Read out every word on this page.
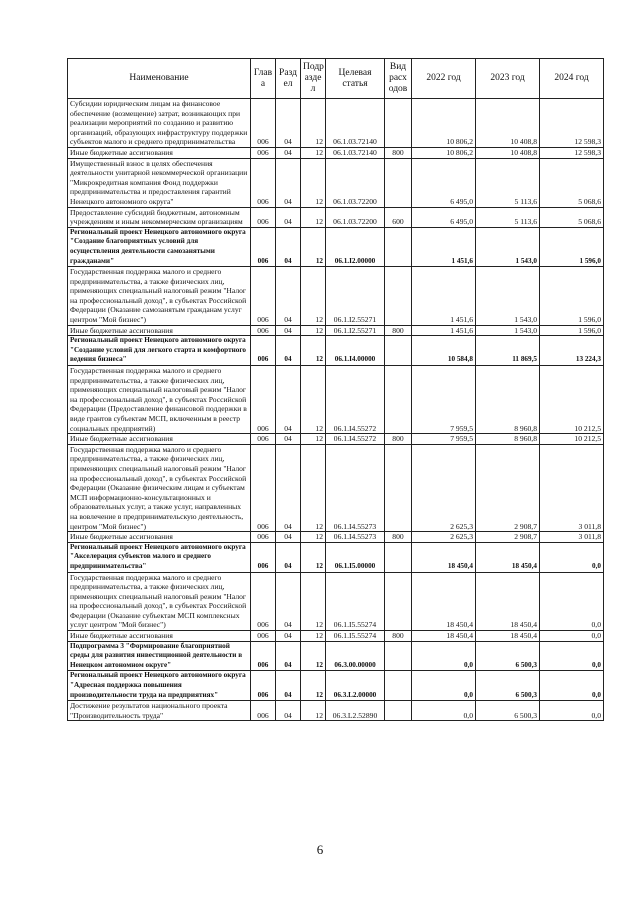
Наименование	Глав а	Разд ел	Подр азде л	Целевая статья	Вид расх одов	2022 год	2023 год	2024 год
Субсидии юридическим лицам на финансовое обеспечение (возмещение) затрат, возникающих при реализации мероприятий по созданию и развитию организаций, образующих инфраструктуру поддержки субъектов малого и среднего предпринимательства	006	04	12	06.1.03.72140		10 806,2	10 408,8	12 598,3
Иные бюджетные ассигнования	006	04	12	06.1.03.72140	800	10 806,2	10 408,8	12 598,3
Имущественный взнос в целях обеспечения деятельности унитарной некоммерческой организации "Микрокредитная компания Фонд поддержки предпринимательства и предоставления гарантий Ненецкого автономного округа"	006	04	12	06.1.03.72200		6 495,0	5 113,6	5 068,6
Предоставление субсидий бюджетным, автономным учреждениям и иным некоммерческим организациям	006	04	12	06.1.03.72200	600	6 495,0	5 113,6	5 068,6
Региональный проект Ненецкого автономного округа "Создание благоприятных условий для осуществления деятельности самозанятыми гражданами"	006	04	12	06.1.I2.00000		1 451,6	1 543,0	1 596,0
Государственная поддержка малого и среднего предпринимательства, а также физических лиц, применяющих специальный налоговый режим "Налог на профессиональный доход", в субъектах Российской Федерации (Оказание самозанятым гражданам услуг центром "Мой бизнес")	006	04	12	06.1.I2.55271		1 451,6	1 543,0	1 596,0
Иные бюджетные ассигнования	006	04	12	06.1.I2.55271	800	1 451,6	1 543,0	1 596,0
Региональный проект Ненецкого автономного округа "Создание условий для легкого старта и комфортного ведения бизнеса"	006	04	12	06.1.I4.00000		10 584,8	11 869,5	13 224,3
Государственная поддержка малого и среднего предпринимательства, а также физических лиц, применяющих специальный налоговый режим "Налог на профессиональный доход", в субъектах Российской Федерации (Предоставление финансовой поддержки в виде грантов субъектам МСП, включенным в реестр социальных предприятий)	006	04	12	06.1.I4.55272		7 959,5	8 960,8	10 212,5
Иные бюджетные ассигнования	006	04	12	06.1.I4.55272	800	7 959,5	8 960,8	10 212,5
Государственная поддержка малого и среднего предпринимательства, а также физических лиц, применяющих специальный налоговый режим "Налог на профессиональный доход", в субъектах Российской Федерации (Оказание физическим лицам и субъектам МСП информационно-консультационных и образовательных услуг, а также услуг, направленных на вовлечение в предпринимательскую деятельность, центром "Мой бизнес")	006	04	12	06.1.I4.55273		2 625,3	2 908,7	3 011,8
Иные бюджетные ассигнования	006	04	12	06.1.I4.55273	800	2 625,3	2 908,7	3 011,8
Региональный проект Ненецкого автономного округа "Акселерация субъектов малого и среднего предпринимательства"	006	04	12	06.1.I5.00000		18 450,4	18 450,4	0,0
Государственная поддержка малого и среднего предпринимательства, а также физических лиц, применяющих специальный налоговый режим "Налог на профессиональный доход", в субъектах Российской Федерации (Оказание субъектам МСП комплексных услуг центром "Мой бизнес")	006	04	12	06.1.I5.55274		18 450,4	18 450,4	0,0
Иные бюджетные ассигнования	006	04	12	06.1.I5.55274	800	18 450,4	18 450,4	0,0
Подпрограмма 3 "Формирование благоприятной среды для развития инвестиционной деятельности в Ненецком автономном округе"	006	04	12	06.3.00.00000		0,0	6 500,3	0,0
Региональный проект Ненецкого автономного округа "Адресная поддержка повышения производительности труда на предприятиях"	006	04	12	06.3.L2.00000		0,0	6 500,3	0,0
Достижение результатов национального проекта "Производительность труда"	006	04	12	06.3.L2.52890		0,0	6 500,3	0,0
6
